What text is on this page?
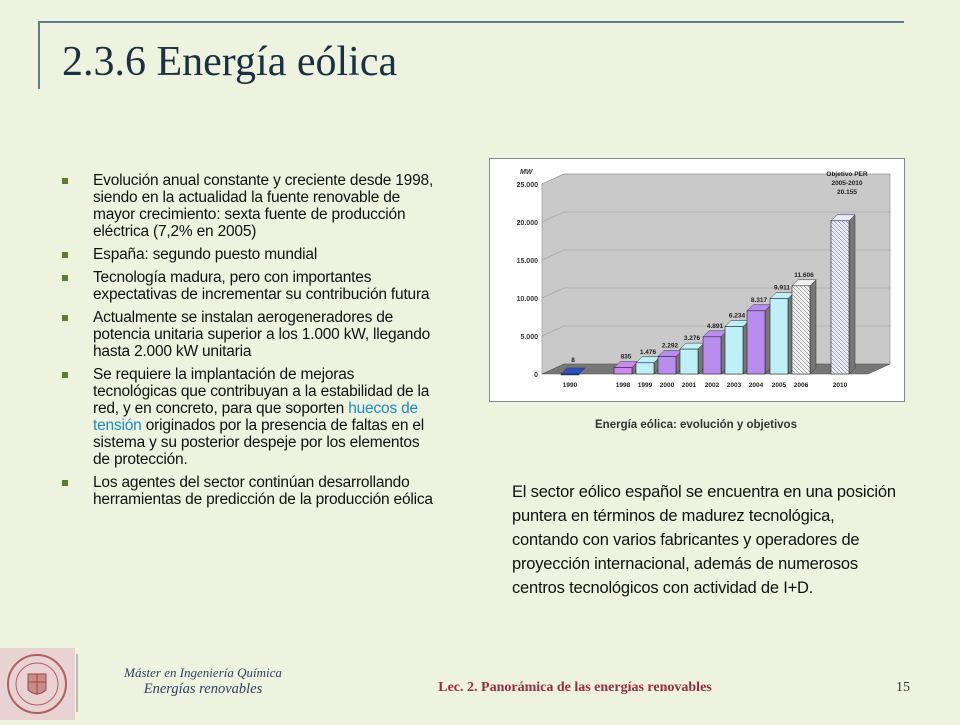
2.3.6 Energía eólica
Evolución anual constante y creciente desde 1998, siendo en la actualidad la fuente renovable de mayor crecimiento: sexta fuente de producción eléctrica (7,2% en 2005)
España: segundo puesto mundial
Tecnología madura, pero con importantes expectativas de incrementar su contribución futura
Actualmente se instalan aerogeneradores de potencia unitaria superior a los 1.000 kW, llegando hasta 2.000 kW unitaria
Se requiere la implantación de mejoras tecnológicas que contribuyan a la estabilidad de la red, y en concreto, para que soporten huecos de tensión originados por la presencia de faltas en el sistema y su posterior despeje por los elementos de protección.
Los agentes del sector continúan desarrollando herramientas de predicción de la producción eólica
0
5.000
10.000
15.000
20.000
25.000
MW
8
1990
835
1998
1.476
1999
2.292
2000
3.276
2001
4.891
2002
6.234
2003
8.317
2004
9.911
2005
11.606
2006	2010
Objetivo PER
2005-2010
20.155
Energía eólica: evolución y objetivos

El sector eólico español se encuentra en una posición puntera en términos de madurez tecnológica, contando con varios fabricantes y operadores de proyección internacional, además de numerosos centros tecnológicos con actividad de I+D.

Máster en Ingeniería Química
Energías renovables	Lec. 2. Panorámica de las energías renovables	15
